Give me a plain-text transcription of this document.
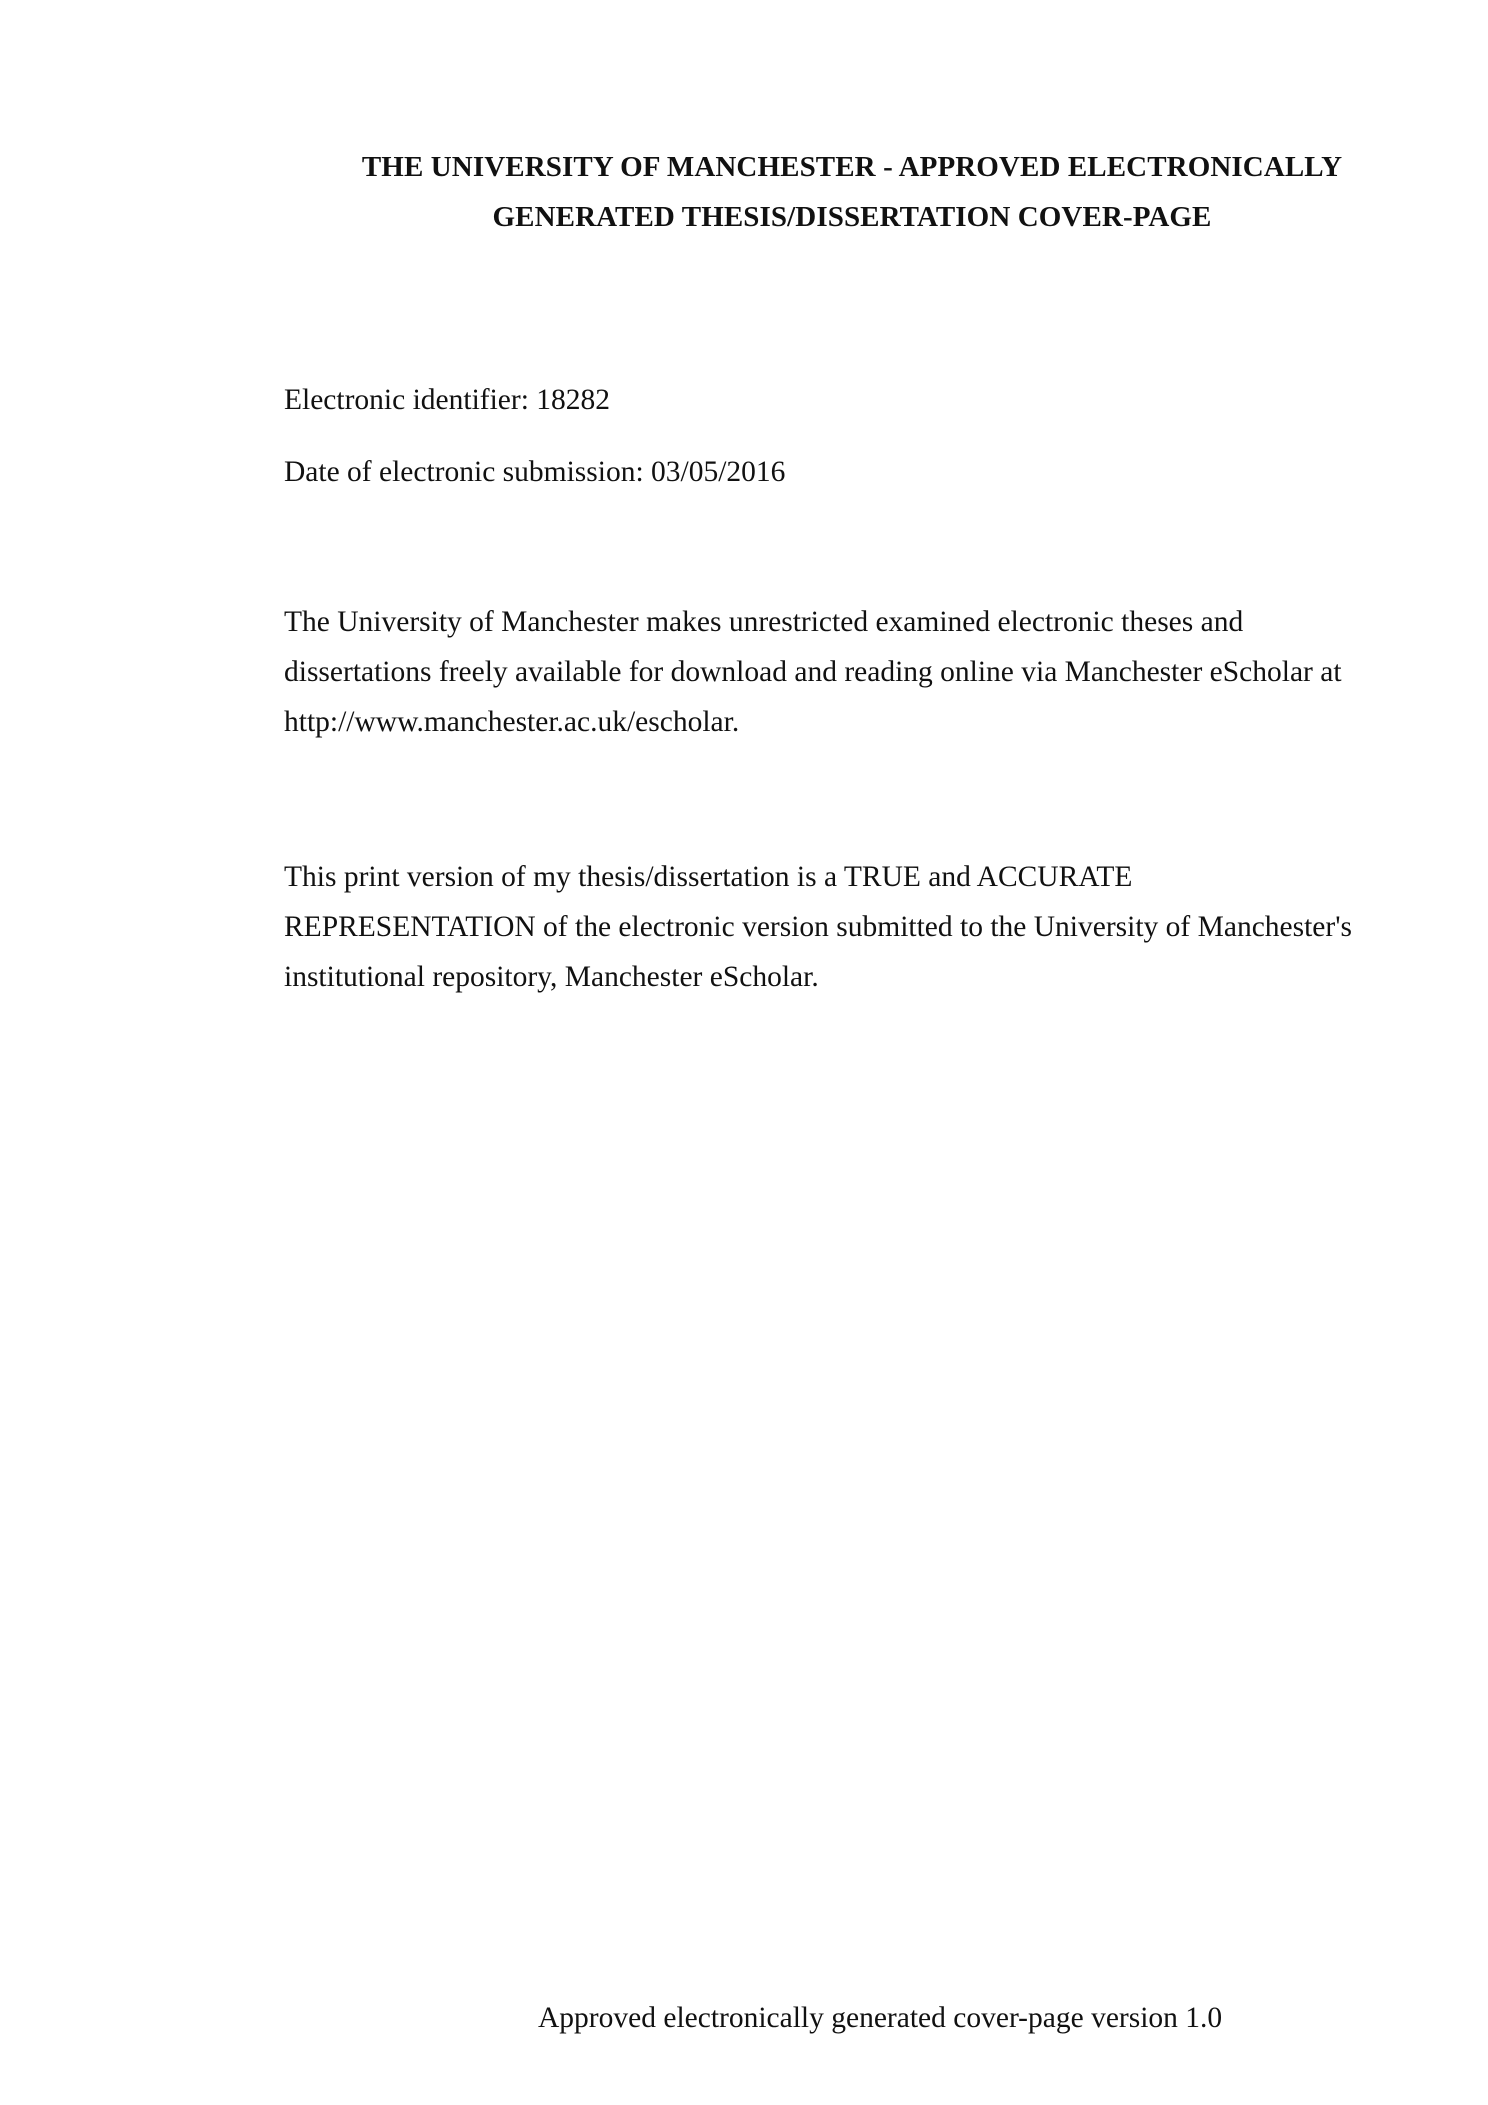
THE UNIVERSITY OF MANCHESTER - APPROVED ELECTRONICALLY
GENERATED THESIS/DISSERTATION COVER-PAGE
Electronic identifier: 18282
Date of electronic submission: 03/05/2016
The University of Manchester makes unrestricted examined electronic theses and
dissertations freely available for download and reading online via Manchester eScholar at
http://www.manchester.ac.uk/escholar.
This print version of my thesis/dissertation is a TRUE and ACCURATE
REPRESENTATION of the electronic version submitted to the University of Manchester's
institutional repository, Manchester eScholar.
Approved electronically generated cover-page version 1.0
